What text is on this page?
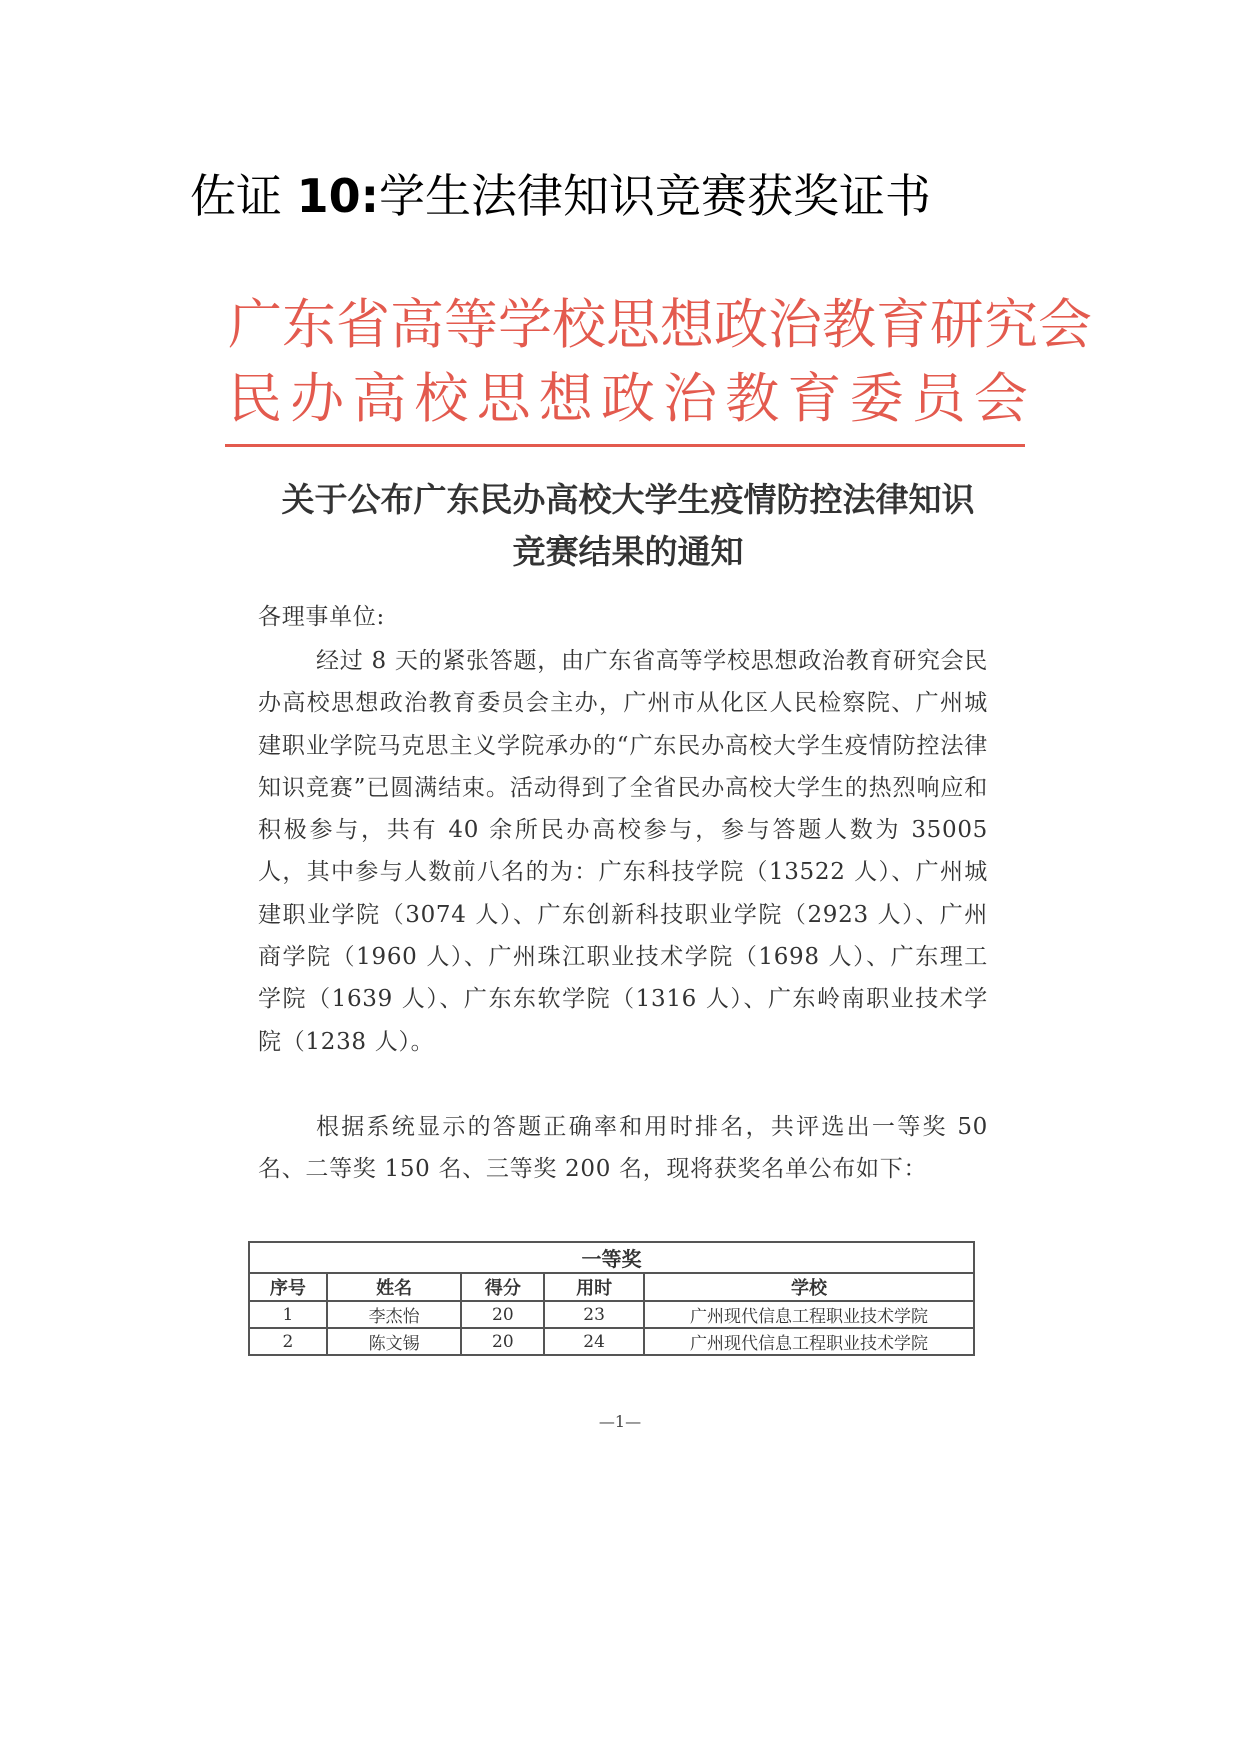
佐证 10:学生法律知识竞赛获奖证书
广 东 省 高 等 学 校 思 想 政 治 教 育 研 究 会
民 办 高 校 思 想 政 治 教 育 委 员 会
关于公布广东民办高校大学生疫情防控法律知识
竞赛结果的通知
各理事单位:
经过 8 天的紧张答题，由广东省高等学校思想政治教育研究会民办高校思想政治教育委员会主办，广州市从化区人民检察院、广州城建职业学院马克思主义学院承办的“广东民办高校大学生疫情防控法律知识竞赛”已圆满结束。活动得到了全省民办高校大学生的热烈响应和积极参与，共有 40 余所民办高校参与，参与答题人数为 35005 人，其中参与人数前八名的为：广东科技学院（13522 人）、广州城建职业学院（3074 人）、广东创新科技职业学院（2923 人）、广州商学院（1960 人）、广州珠江职业技术学院（1698 人）、广东理工学院（1639 人）、广东东软学院（1316 人）、广东岭南职业技术学院（1238 人）。
根据系统显示的答题正确率和用时排名，共评选出一等奖 50 名、二等奖 150 名、三等奖 200 名，现将获奖名单公布如下：
一等奖				
序号	姓名	得分	用时	学校
1	李杰怡	20	23	广州现代信息工程职业技术学院
2	陈文锡	20	24	广州现代信息工程职业技术学院
—1—
